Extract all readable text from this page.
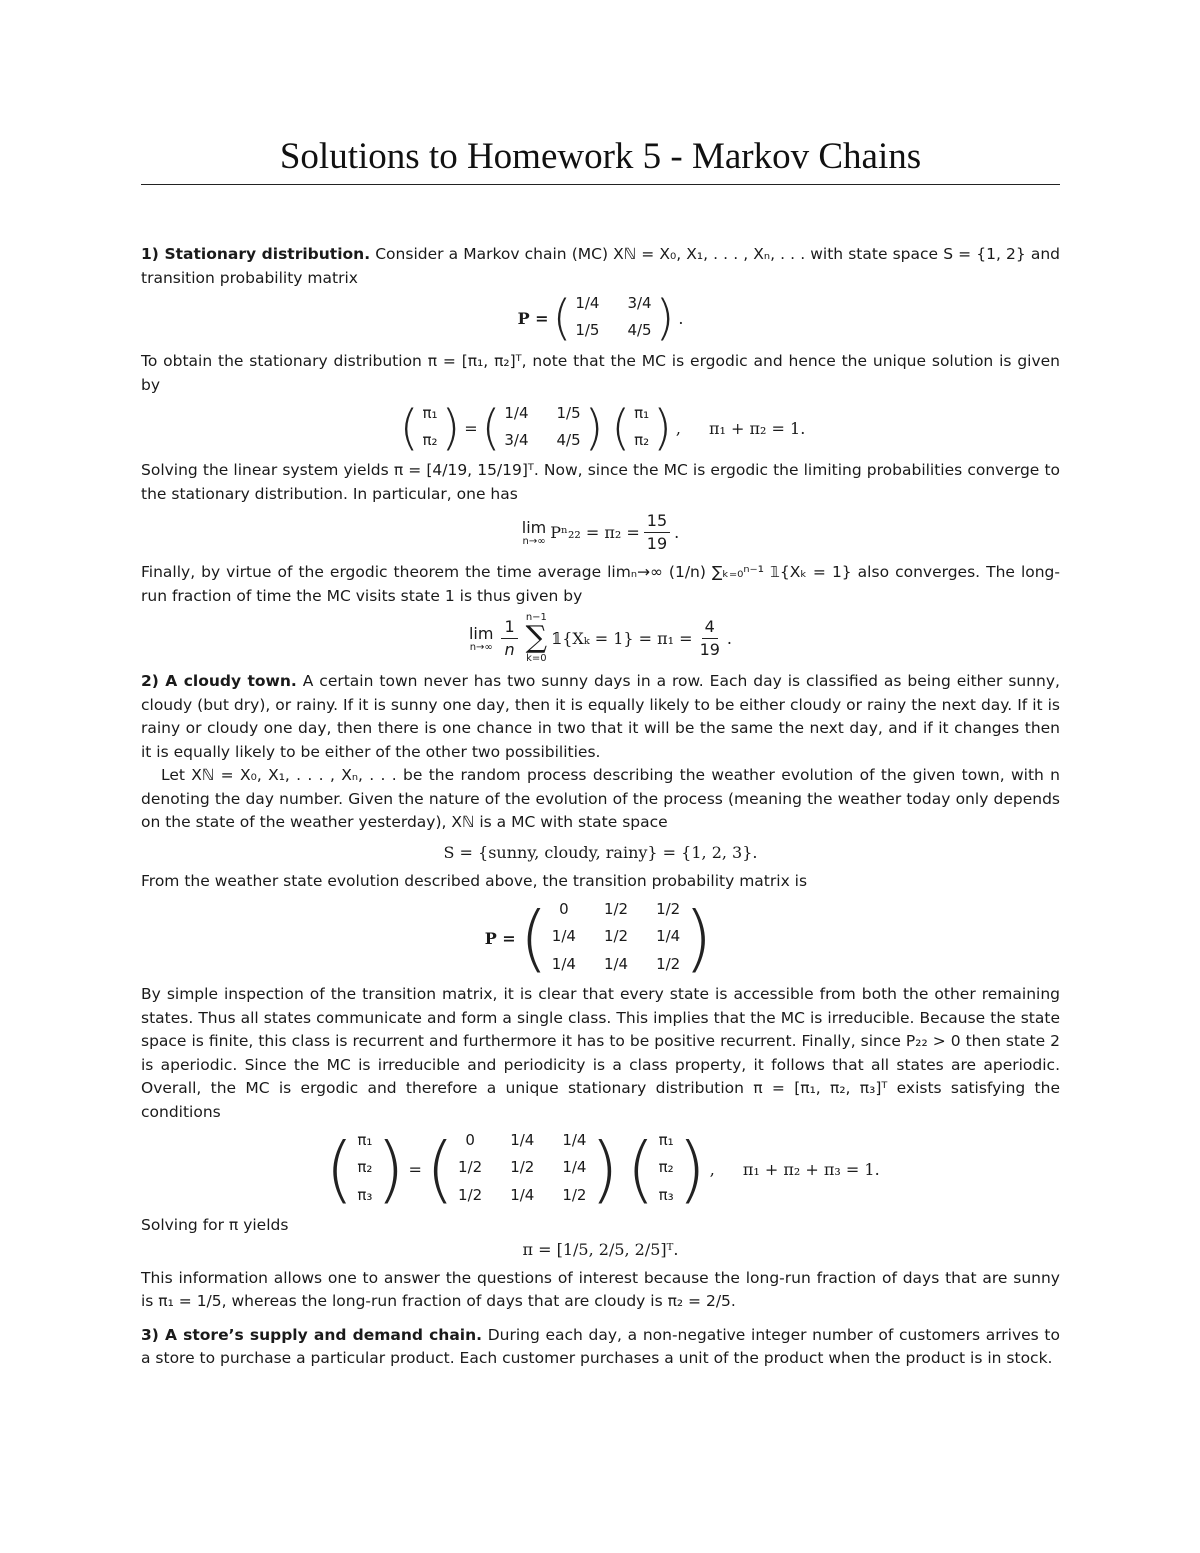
Solutions to Homework 5 - Markov Chains

1) Stationary distribution. Consider a Markov chain (MC) Xℕ = X₀, X₁, . . . , Xₙ, . . . with state space S = {1, 2} and transition probability matrix

P = ( 1/4 3/4
1/5 4/5 ) .

To obtain the stationary distribution π = [π₁, π₂]ᵀ, note that the MC is ergodic and hence the unique solution is given by

( π₁
π₂ ) = ( 1/4 1/5
3/4 4/5 ) ( π₁
π₂ ) , π₁ + π₂ = 1.

Solving the linear system yields π = [4/19, 15/19]ᵀ. Now, since the MC is ergodic the limiting probabilities converge to the stationary distribution. In particular, one has

lim
n→∞ $P^n_{22} = \pi_2 = \frac{15}{19}$ .

Finally, by virtue of the ergodic theorem the time average limₙ→∞ (1/n) ∑ₖ₌₀ⁿ⁻¹ 𝟙{Xₖ = 1} also converges. The long-run fraction of time the MC visits state 1 is thus given by

lim
$n\to\infty \frac{1}{n} n-1$
∑
k=0
𝟙{Xₖ = $1\} = \pi_1 = \frac{4}{19}$ .

2) A cloudy town. A certain town never has two sunny days in a row. Each day is classified as being either sunny, cloudy (but dry), or rainy. If it is sunny one day, then it is equally likely to be either cloudy or rainy the next day. If it is rainy or cloudy one day, then there is one chance in two that it will be the same the next day, and if it changes then it is equally likely to be either of the other two possibilities.

Let Xℕ = X₀, X₁, . . . , Xₙ, . . . be the random process describing the weather evolution of the given town, with n denoting the day number. Given the nature of the evolution of the process (meaning the weather today only depends on the state of the weather yesterday), Xℕ is a MC with state space

S = {sunny, cloudy, rainy} = {1, 2, 3}.

From the weather state evolution described above, the transition probability matrix is

P = ( 0	1/2 1/2
1/4 1/2 1/4
1/4 1/4 1/2 )

By simple inspection of the transition matrix, it is clear that every state is accessible from both the other remaining states. Thus all states communicate and form a single class. This implies that the MC is irreducible. Because the state space is finite, this class is recurrent and furthermore it has to be positive recurrent. Finally, since P₂₂ > 0 then state 2 is aperiodic. Since the MC is irreducible and periodicity is a class property, it follows that all states are aperiodic. Overall, the MC is ergodic and therefore a unique stationary distribution π = [π₁, π₂, π₃]ᵀ exists satisfying the conditions

( π₁
π₂
π₃ ) = ( 0	1/4 1/4
1/2 1/2 1/4
1/2 1/4 1/2 ) ( π₁
π₂
π₃ ) , π₁ + π₂ + π₃ = 1.

Solving for π yields

π = [1/5, 2/5, 2/5]ᵀ.

This information allows one to answer the questions of interest because the long-run fraction of days that are sunny is π₁ = 1/5, whereas the long-run fraction of days that are cloudy is π₂ = 2/5.

3) A store’s supply and demand chain. During each day, a non-negative integer number of customers arrives to a store to purchase a particular product. Each customer purchases a unit of the product when the product is in stock.
